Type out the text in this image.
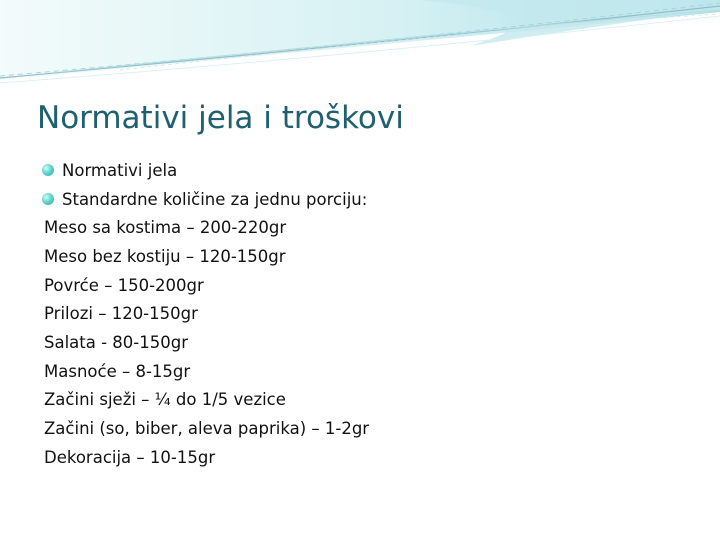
Normativi jela i troškovi
Normativi jela
Standardne količine za jednu porciju:
Meso sa kostima – 200-220gr
Meso bez kostiju – 120-150gr
Povrće – 150-200gr
Prilozi – 120-150gr
Salata - 80-150gr
Masnoće – 8-15gr
Začini sježi – ¼ do 1/5 vezice
Začini (so, biber, aleva paprika) – 1-2gr
Dekoracija – 10-15gr
